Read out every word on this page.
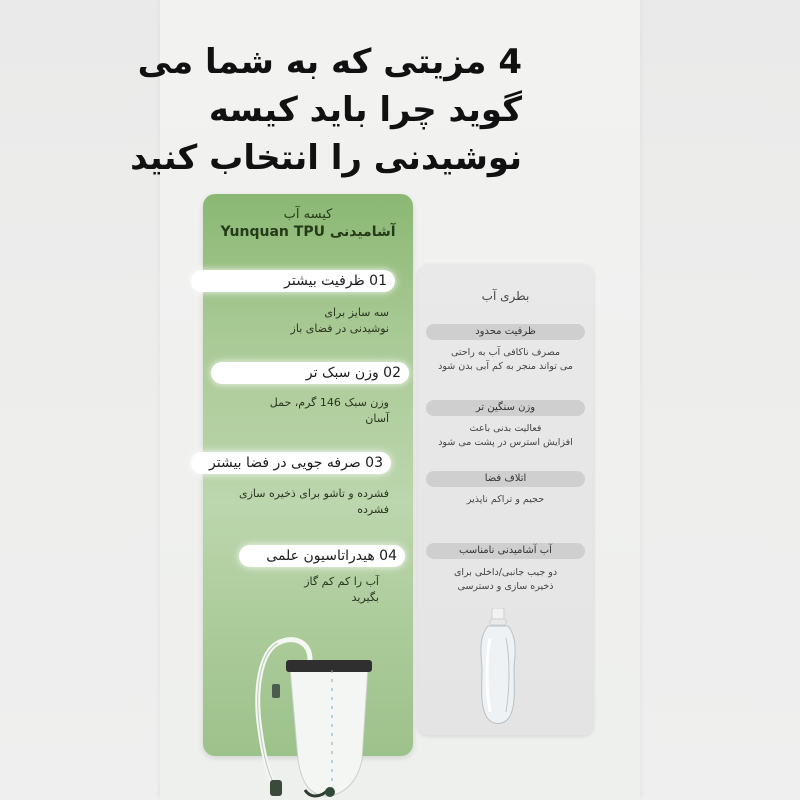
4 مزیتی که به شما می
گوید چرا باید کیسه
نوشیدنی را انتخاب کنید
کیسه آب
آشامیدنی Yunquan TPU
01 ظرفیت بیشتر
سه سایز برای
نوشیدنی در فضای باز
02 وزن سبک تر
وزن سبک 146 گرم، حمل
آسان
03 صرفه جویی در فضا بیشتر
فشرده و تاشو برای ذخیره سازی
فشرده
04 هیدراتاسیون علمی
آب را کم کم گاز
بگیرید
بطری آب
ظرفیت محدود
مصرف ناکافی آب به راحتی
می تواند منجر به کم آبی بدن شود
وزن سنگین تر
فعالیت بدنی باعث
افزایش استرس در پشت می شود
اتلاف فضا
حجیم و تراکم ناپذیر
آب آشامیدنی نامناسب
دو جیب جانبی/داخلی برای
ذخیره سازی و دسترسی
